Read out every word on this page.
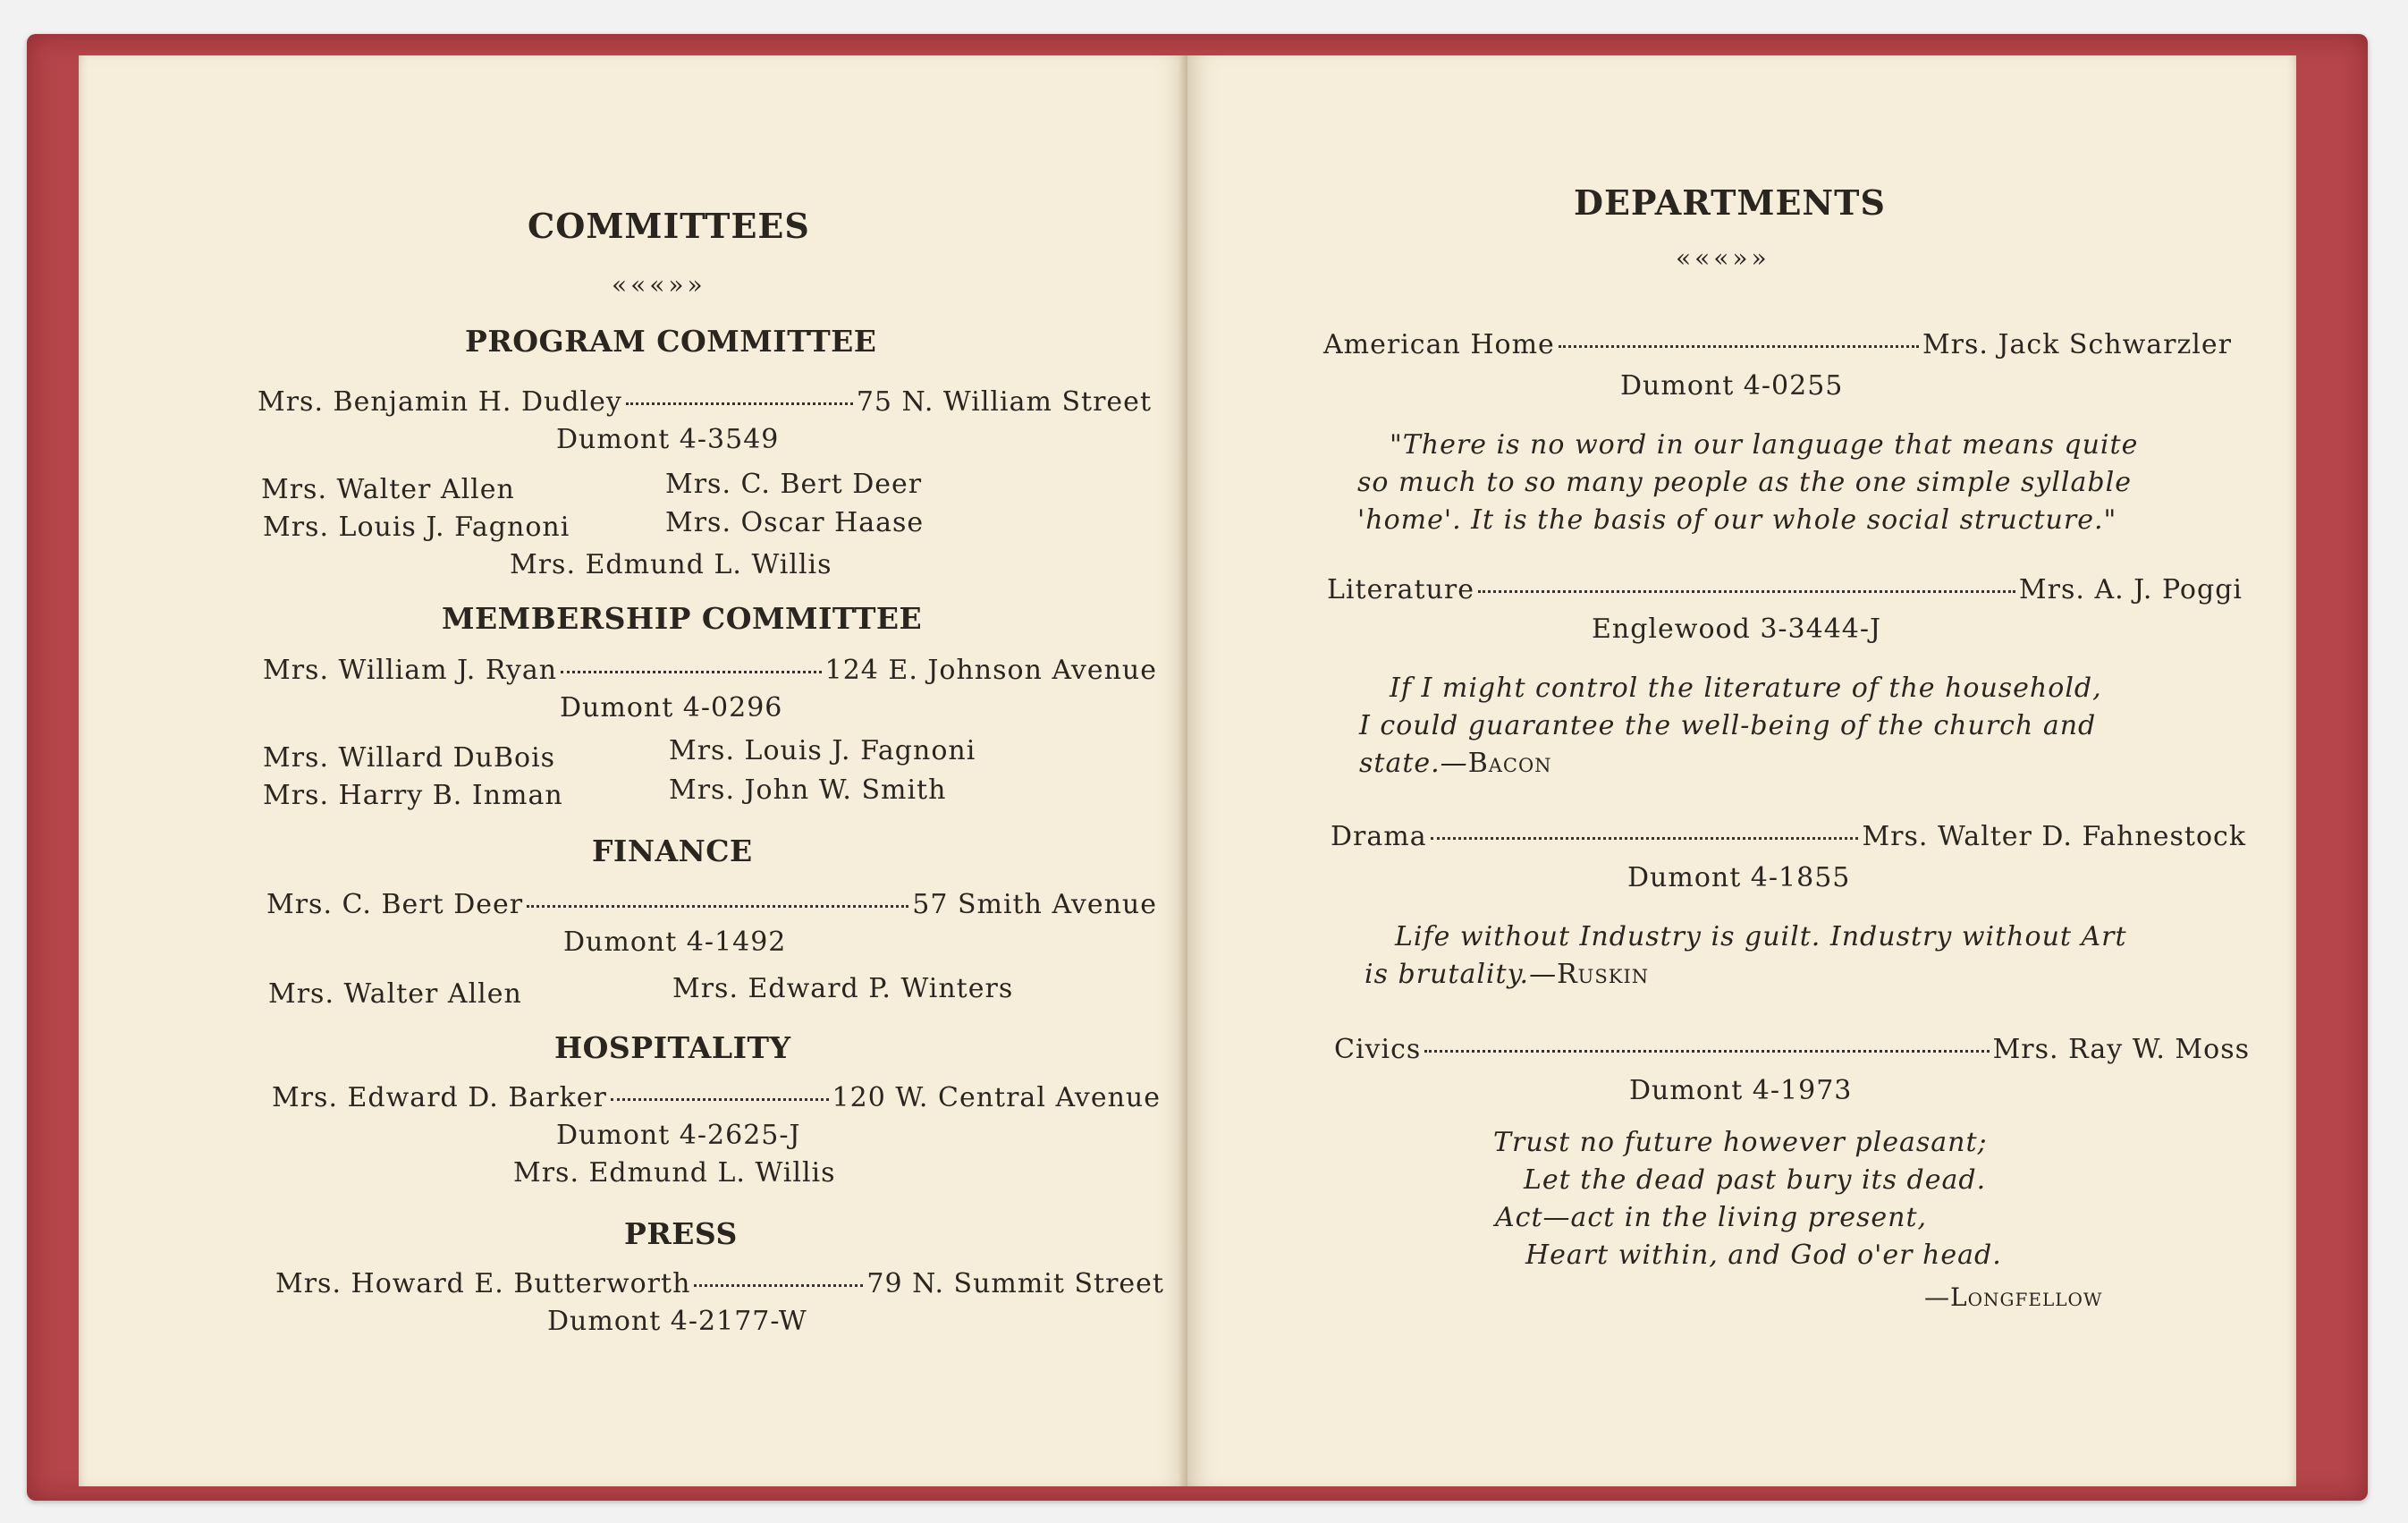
COMMITTEES
«««»»
PROGRAM COMMITTEE
Mrs. Benjamin H. Dudley	75 N. William Street
Dumont 4-3549
Mrs. Walter Allen	Mrs. C. Bert Deer
Mrs. Louis J. Fagnoni	Mrs. Oscar Haase
Mrs. Edmund L. Willis
MEMBERSHIP COMMITTEE
Mrs. William J. Ryan	124 E. Johnson Avenue
Dumont 4-0296
Mrs. Willard DuBois	Mrs. Louis J. Fagnoni
Mrs. Harry B. Inman	Mrs. John W. Smith
FINANCE
Mrs. C. Bert Deer	57 Smith Avenue
Dumont 4-1492
Mrs. Walter Allen	Mrs. Edward P. Winters
HOSPITALITY
Mrs. Edward D. Barker	120 W. Central Avenue
Dumont 4-2625-J
Mrs. Edmund L. Willis
PRESS
Mrs. Howard E. Butterworth	79 N. Summit Street
Dumont 4-2177-W
DEPARTMENTS
«««»»
American Home	Mrs. Jack Schwarzler
Dumont 4-0255
"There is no word in our language that means quite
so much to so many people as the one simple syllable
'home'. It is the basis of our whole social structure."
Literature	Mrs. A. J. Poggi
Englewood 3-3444-J
If I might control the literature of the household,
I could guarantee the well-being of the church and
state.—Bacon
Drama	Mrs. Walter D. Fahnestock
Dumont 4-1855
Life without Industry is guilt. Industry without Art
is brutality.—Ruskin
Civics	Mrs. Ray W. Moss
Dumont 4-1973
Trust no future however pleasant;
Let the dead past bury its dead.
Act—act in the living present,
Heart within, and God o'er head.
—Longfellow
